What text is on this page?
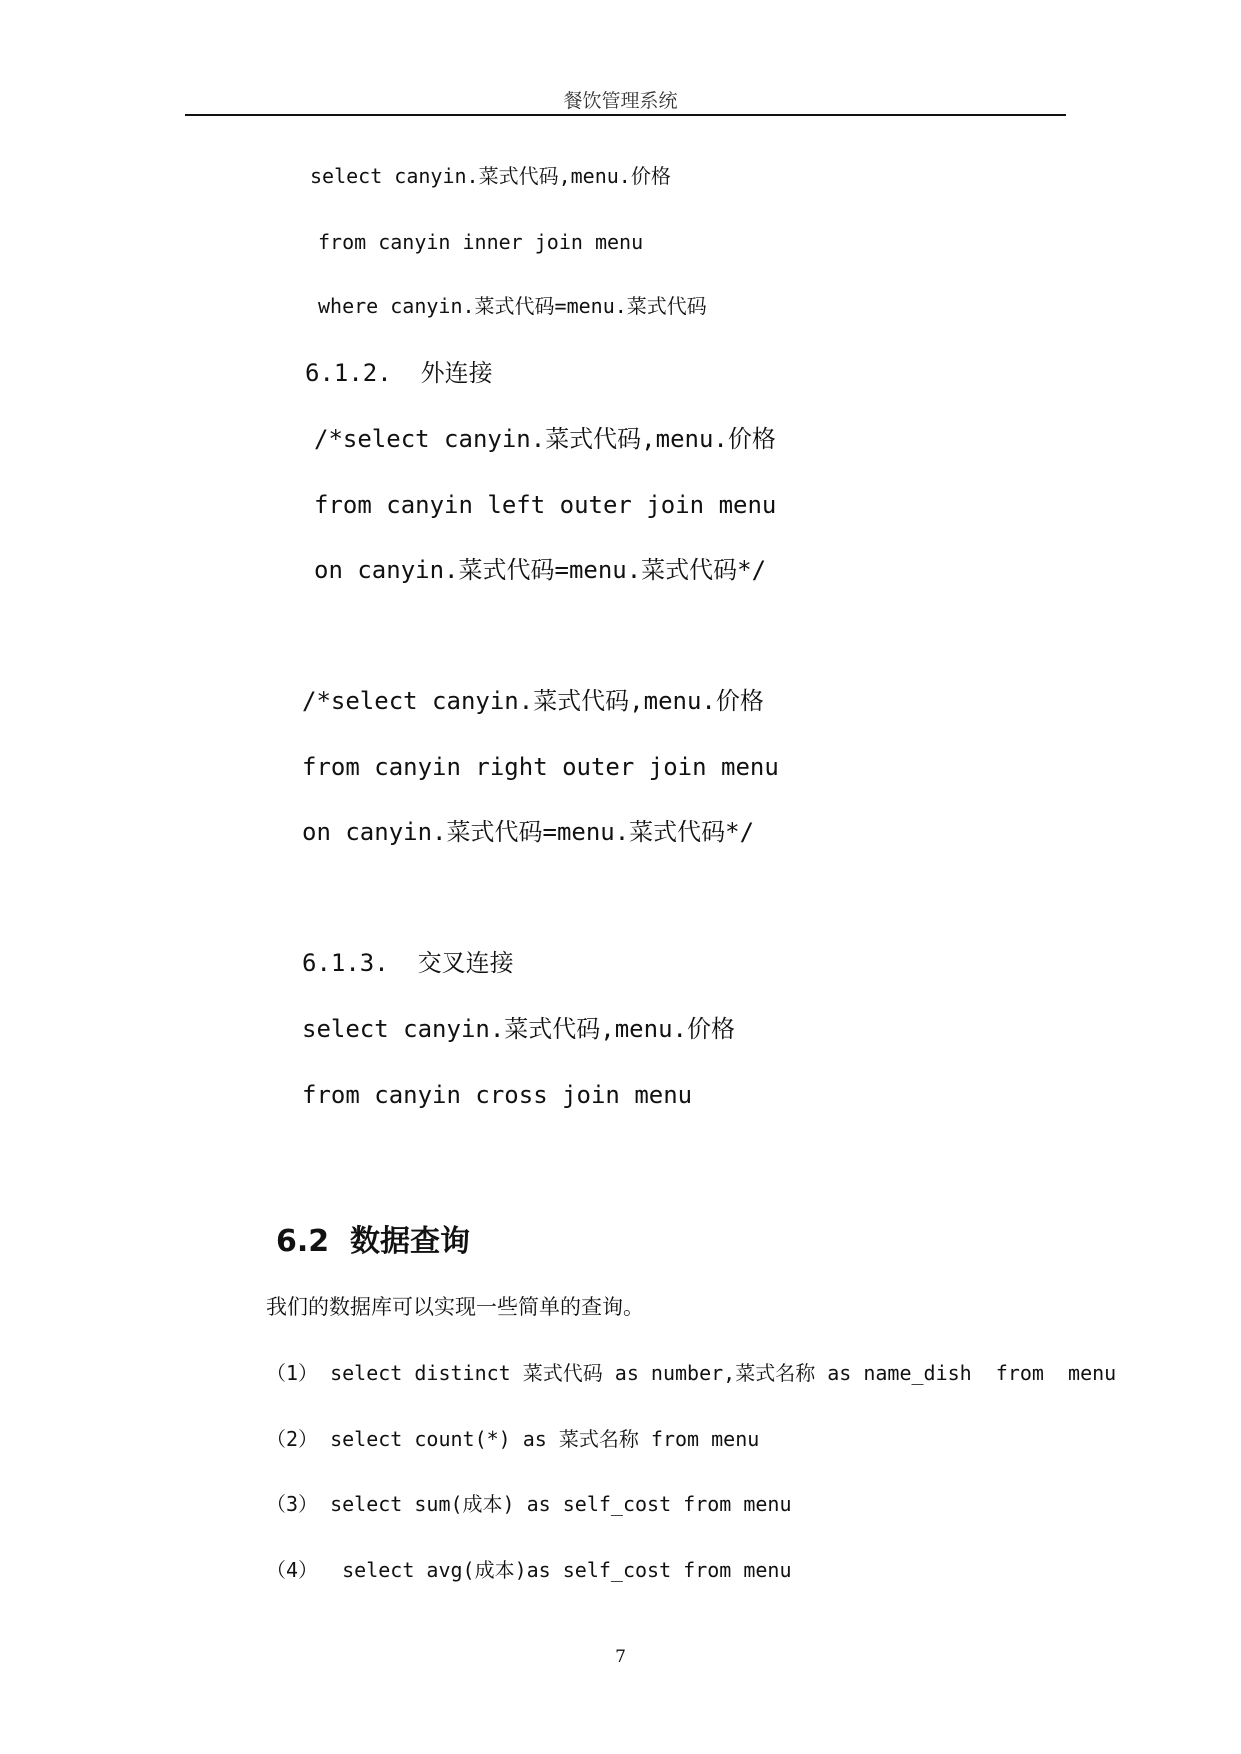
餐饮管理系统
select canyin.菜式代码,menu.价格
from canyin inner join menu
where canyin.菜式代码=menu.菜式代码
6.1.2.  外连接
/*select canyin.菜式代码,menu.价格
from canyin left outer join menu
on canyin.菜式代码=menu.菜式代码*/
/*select canyin.菜式代码,menu.价格
from canyin right outer join menu
on canyin.菜式代码=menu.菜式代码*/
6.1.3.  交叉连接
select canyin.菜式代码,menu.价格
from canyin cross join menu
6.2  数据查询
我们的数据库可以实现一些简单的查询。
（1） select distinct 菜式代码 as number,菜式名称 as name_dish  from  menu
（2） select count(*) as 菜式名称 from menu
（3） select sum(成本) as self_cost from menu
（4）  select avg(成本)as self_cost from menu
7
